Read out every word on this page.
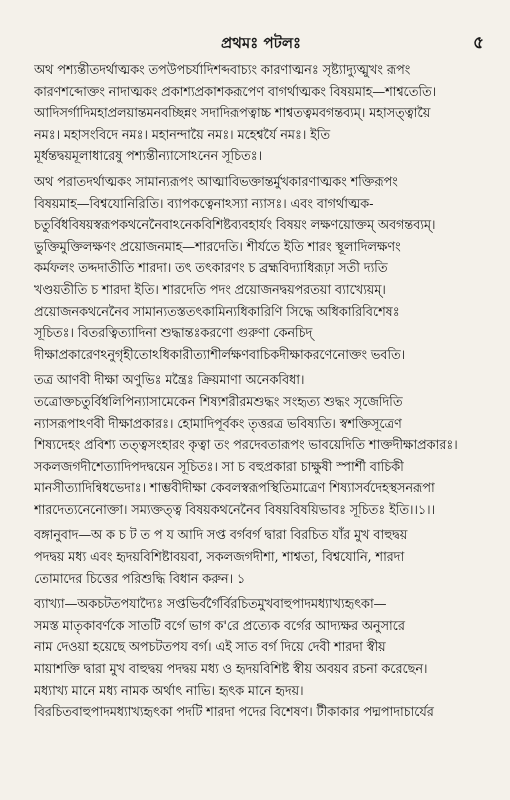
প্রথমঃ পটলঃ	৫
অথ পশ্যন্তীতদর্থাত্মকং তপউপচর্যাদিশব্দবাচ্যং কারণাত্মনঃ সৃষ্ট্যাদ্যুত্মুখং রূপং
কারণশব্দোক্তং নাদাত্মকং প্রকাশ্যপ্রকাশকরূপেণ বাগর্থাত্মকং বিষয়মাহ—শাশ্বতেতি।
আদিসর্গাদিমহাপ্রলয়ান্তমনবচ্ছিন্নং সদাদিরূপত্বাচ্চ শাশ্বতত্বমবগন্তব্যম্‌। মহাসত্ত্বায়ৈ
নমঃ। মহাসংবিদে নমঃ। মহানন্দায়ৈ নমঃ। মহেশ্বর্যৈ নমঃ। ইতি
মূর্ধন্তদ্বয়মূলাধারেষু পশ্যন্তীন্যাসোঽনেন সূচিতঃ।
অথ পরাতদর্থাত্মকং সামান্যরূপং আত্মাবিভক্তান্তর্মুখকারণাত্মকং শক্তিরূপং
বিষয়মাহ—বিশ্বযোনিরিতি। ব্যাপকত্বেনাঽস্যা ন্যাসঃ। এবং বাগর্থাত্মক-
চতুর্বিধবিষয়স্বরূপকথনেনৈবাঽনেকবিশিষ্টব্যবহার্যং বিষয়ং লক্ষণয়োক্তম্‌ অবগন্তব্যম্‌।
ভুক্তিমুক্তিলক্ষণং প্রয়োজনমাহ—শারদেতি। শীর্যতে ইতি শারং স্থূলাদিলক্ষণং
কর্মফলং তদ্দদাতীতি শারদা। তৎ তৎকারণং চ ব্রহ্মবিদ্যাধিরূঢ়া সতী দ্যতি
খণ্ডয়তীতি চ শারদা ইতি। শারদেতি পদং প্রয়োজনদ্বয়পরতয়া ব্যাখ্যেয়ম্‌।
প্রয়োজনকথনেনৈব সামান্যতস্ততৎকামিন্যধিকারিণি সিদ্ধে অধিকারিবিশেষঃ
সূচিতঃ। বিতরত্বিত্যাদিনা শুদ্ধান্তঃকরণো গুরুণা কেনচিদ্‌
দীক্ষাপ্রকারেণঽনুগৃহীতোঽধিকারীত্যাশীর্লক্ষণবাচিকদীক্ষাকরণেনোক্তং ভবতি।
তত্র আণবী দীক্ষা অণুভিঃ মন্ত্রৈঃ ক্রিয়মাণা অনেকবিধা।
তত্রোক্তচতুর্বিধলিপিন্যাসামেকেন শিষ্যশরীরমশুদ্ধং সংহৃত্য শুদ্ধং সৃজেদিতি
ন্যাসরূপাঽণবী দীক্ষাপ্রকারঃ। হোমাদিপূর্বকং তৃত্তরত্র ভবিষ্যতি। স্বশক্তিসূত্রেণ
শিষ্যদেহং প্রবিশ্য তত্ত্বসংহারং কৃত্বা তং পরদেবতারূপং ভাবয়েদিতি শাক্তদীক্ষাপ্রকারঃ।
সকলজগদীশেত্যাদিপদদ্বয়েন সূচিতঃ। সা চ বহুপ্রকারা চাক্ষুষী স্পার্শী বাচিকী
মানসীত্যাদিন্বিধভেদাঃ। শাম্ভবীদীক্ষা কেবলস্বরূপস্থিতিমাত্রেণ শিষ্যাসর্বদেহস্থসনরূপা
শারদেত্যনেনোক্তা। সম্যক্তত্ত্ব বিষয়কথনেনৈব বিষয়বিষয়িভাবঃ সূচিতঃ ইতি।।১।।
বঙ্গানুবাদ—অ ক চ ট ত প য আদি সপ্ত বর্গবর্গ দ্বারা বিরচিত যাঁর মুখ বাহুদ্বয়
পদদ্বয় মধ্য এবং হৃদয়বিশিষ্টাবয়বা, সকলজগদীশা, শাশ্বতা, বিশ্বযোনি, শারদা
তোমাদের চিত্তের পরিশুদ্ধি বিধান করুন। ১
ব্যাখ্যা—অকচটতপযাদ্যৈঃ সপ্তভির্বর্গৈর্বিরচিতমুখবাহুপাদমধ্যাখ্যহৃৎকা—
সমস্ত মাতৃকাবর্ণকে সাতটি বর্গে ভাগ ক'রে প্রত্যেক বর্গের আদ্যক্ষর অনুসারে
নাম দেওয়া হয়েছে অপচটতপয বর্গ। এই সাত বর্গ দিয়ে দেবী শারদা স্বীয়
মায়াশক্তি দ্বারা মুখ বাহুদ্বয় পদদ্বয় মধ্য ও হৃদয়বিশিষ্ট স্বীয় অবয়ব রচনা করেছেন।
মধ্যাখ্য মানে মধ্য নামক অর্থাৎ নাভি। হৃৎক মানে হৃদয়।
বিরচিতবাহুপাদমধ্যাখ্যহৃৎকা পদটি শারদা পদের বিশেষণ। টীকাকার পদ্মপাদাচার্যের
